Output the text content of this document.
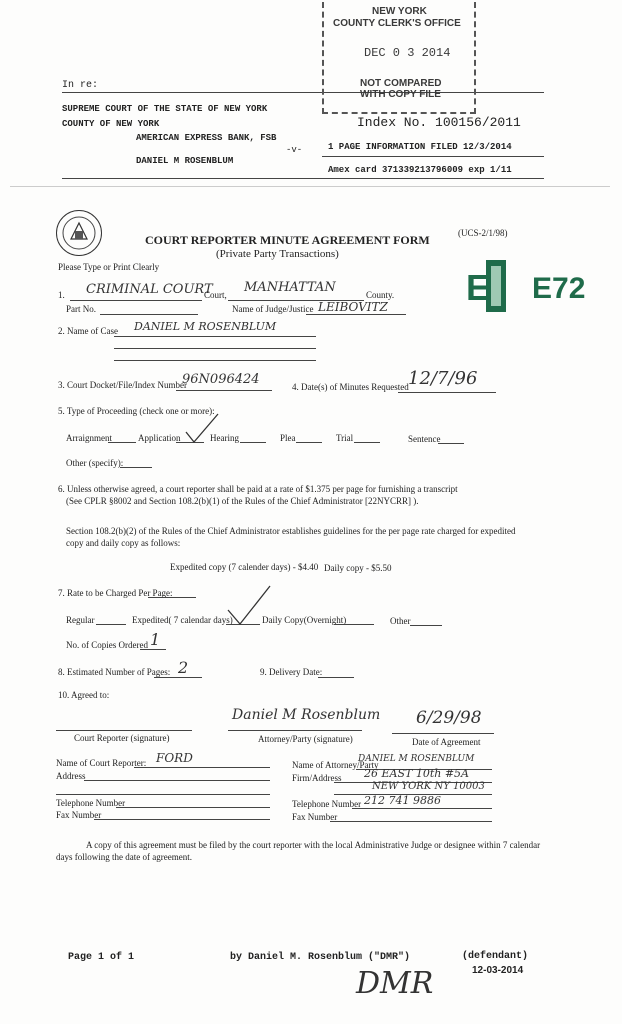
In re:
SUPREME COURT OF THE STATE OF NEW YORK
COUNTY OF NEW YORK
AMERICAN EXPRESS BANK, FSB
-v-
DANIEL M ROSENBLUM
Index No. 100156/2011
1 PAGE INFORMATION FILED 12/3/2014
Amex card 371339213796009 exp 1/11
NEW YORK
COUNTY CLERK'S OFFICE
DEC 0 3 2014
NOT COMPARED
WITH COPY FILE
(UCS-2/1/98)
COURT REPORTER MINUTE AGREEMENT FORM
(Private Party Transactions)
Please Type or Print Clearly	E E72
1. CRIMINAL COURT
Court, MANHATTAN	County.
Part No.	Name of Judge/Justice LEIBOVITZ
2. Name of Case DANIEL M ROSENBLUM
3. Court Docket/File/Index Number
96N096424	4. Date(s) of Minutes Requested 12/7/96
5. Type of Proceeding (check one or more):
Arraignment	Application	Hearing	Plea	Trial	Sentence
Other (specify):
6. Unless otherwise agreed, a court reporter shall be paid at a rate of $1.375 per page for furnishing a transcript
(See CPLR §8002 and Section 108.2(b)(1) of the Rules of the Chief Administrator [22NYCRR] ).
Section 108.2(b)(2) of the Rules of the Chief Administrator establishes guidelines for the per page rate charged for expedited
copy and daily copy as follows:
Expedited copy (7 calender days) - $4.40 Daily copy - $5.50
7. Rate to be Charged Per Page:
Regular	Expedited( 7 calendar days)	Daily Copy(Overnight)	Other
No. of Copies Ordered 1
8. Estimated Number of Pages: 2	9. Delivery Date:
10. Agreed to:
Court Reporter (signature)
Daniel M Rosenblum
Attorney/Party (signature)
6/29/98
Date of Agreement
Name of Court Reporter: FORD
Address
Telephone Number
Fax Number
Name of Attorney/Party
DANIEL M ROSENBLUM
Firm/Address 26 EAST 10th #5A
NEW YORK NY 10003
Telephone Number 212 741 9886
Fax Number
A copy of this agreement must be filed by the court reporter with the local Administrative Judge or designee within 7 calendar
days following the date of agreement.
Page 1 of 1	by Daniel M. Rosenblum ("DMR")	(defendant)
12-03-2014
DMR
